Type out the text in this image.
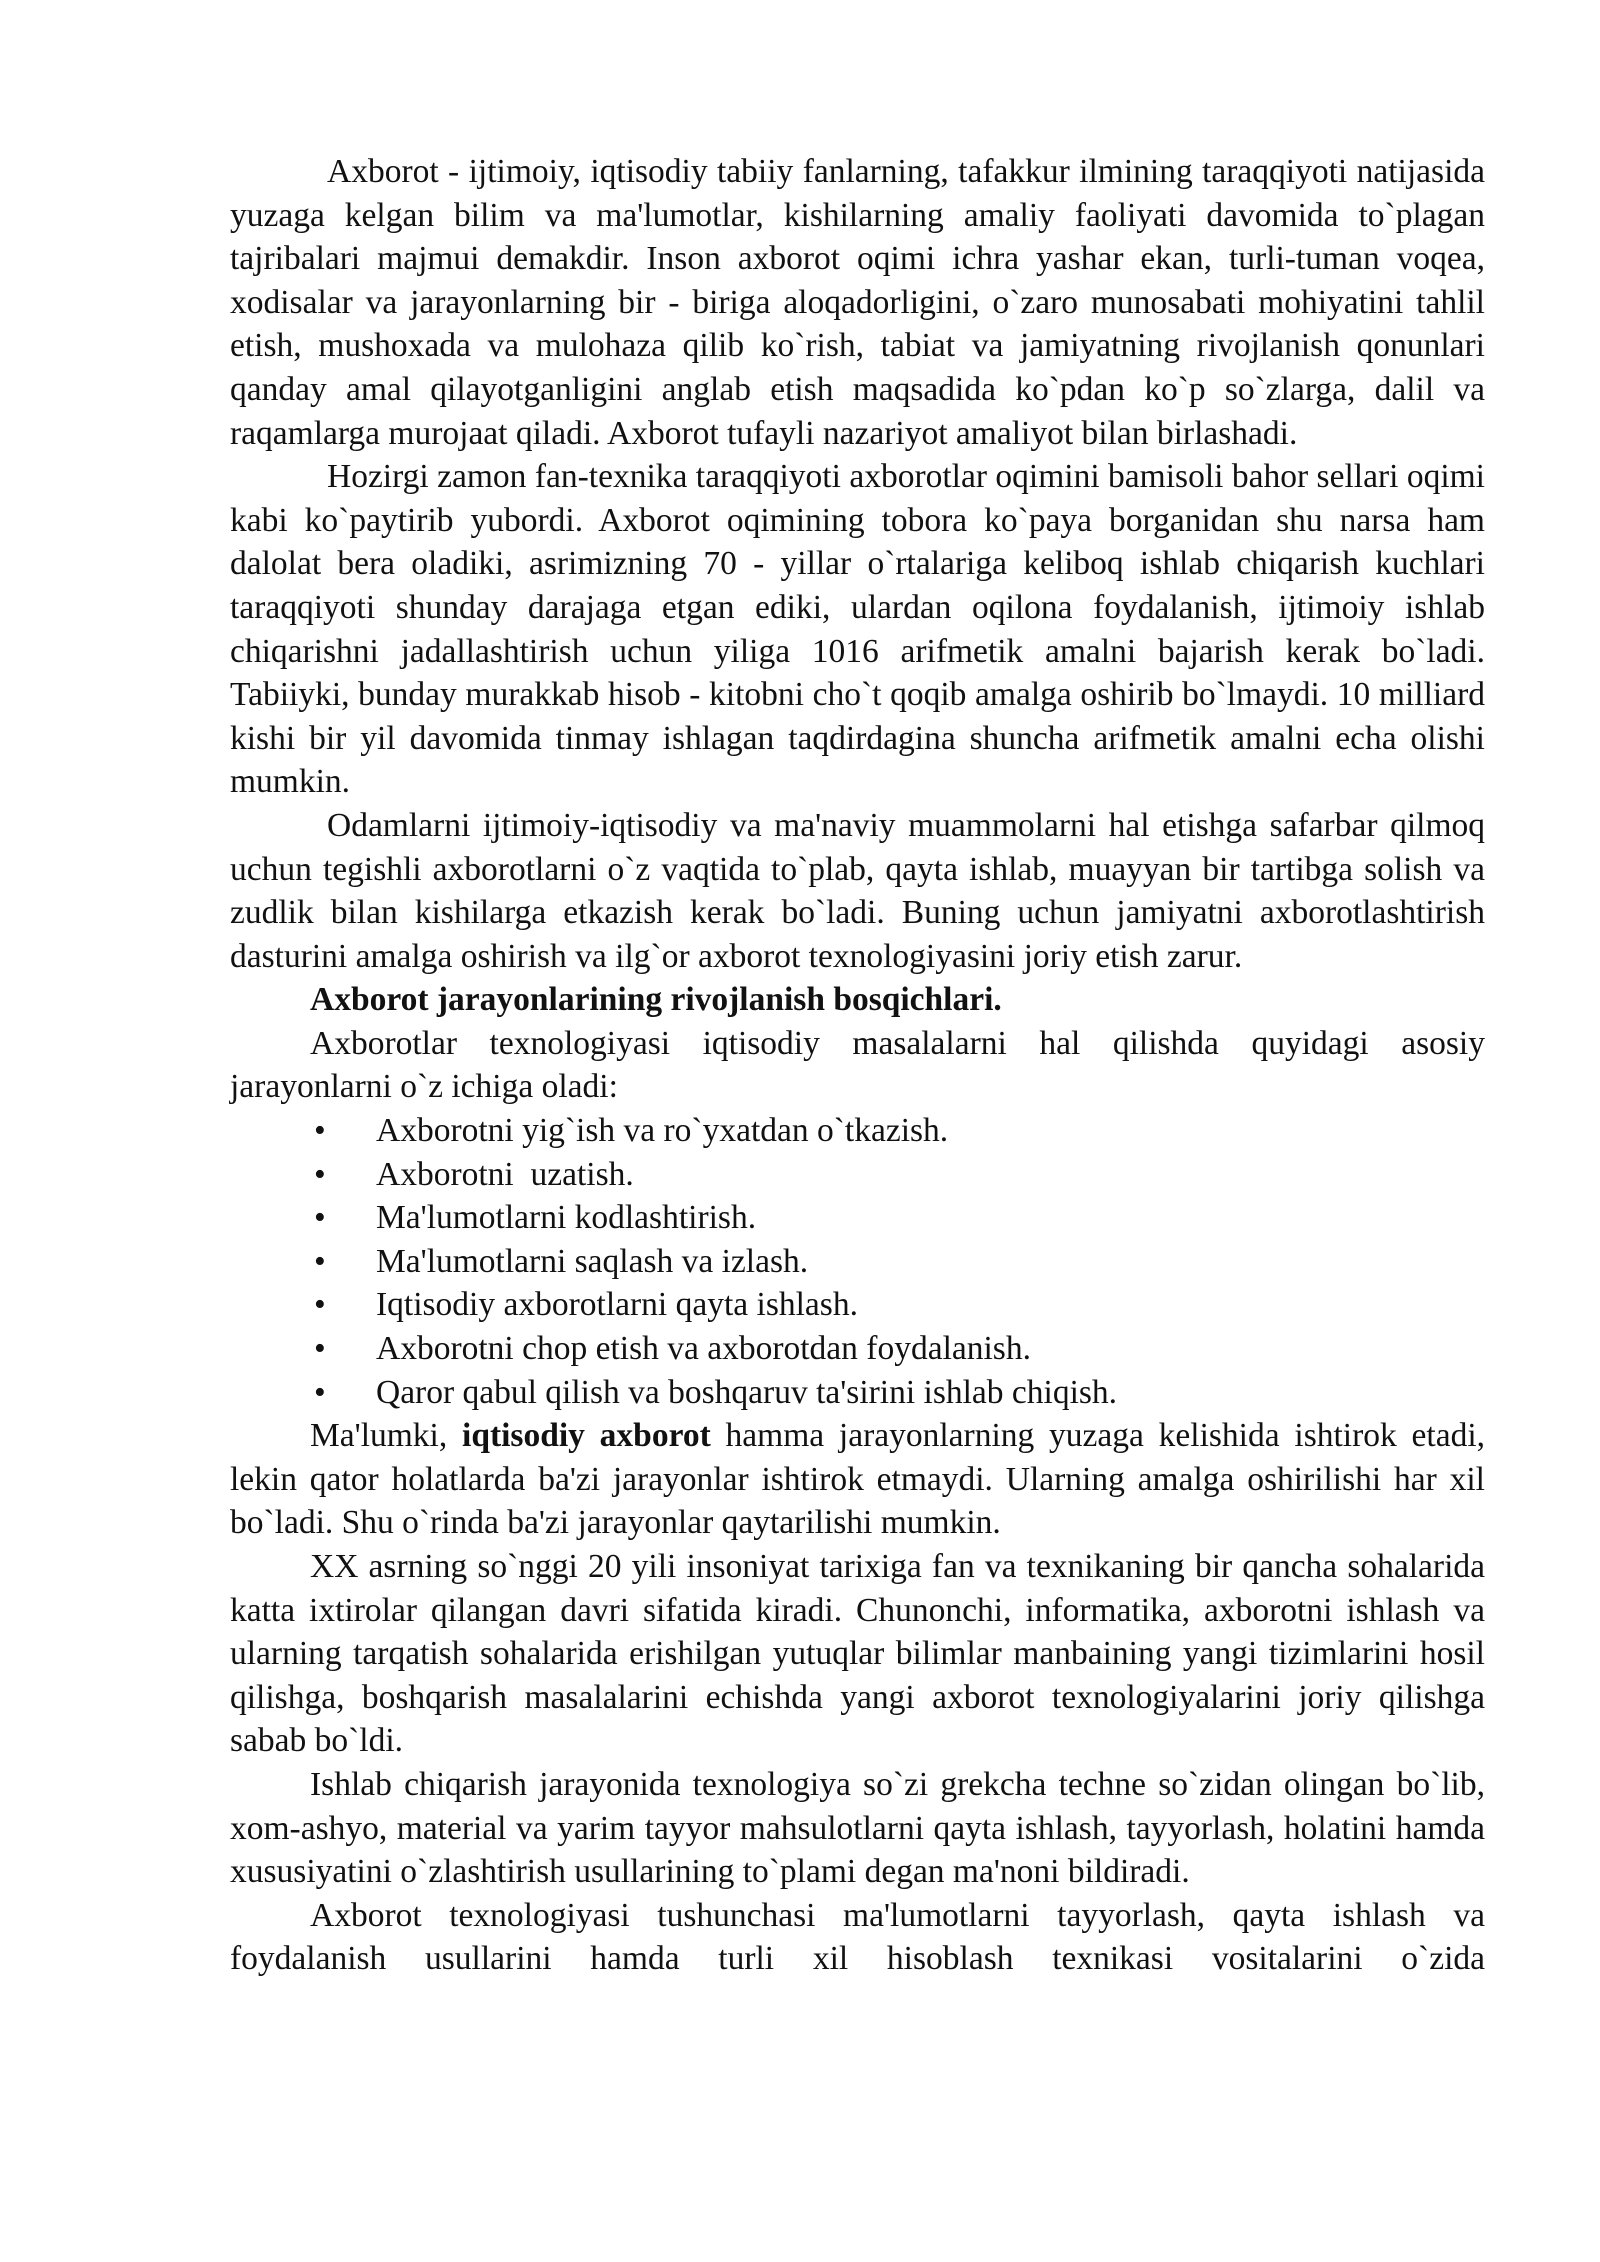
Axborot - ijtimoiy, iqtisodiy tabiiy fanlarning, tafakkur ilmining taraqqiyoti natijasida yuzaga kelgan bilim va ma'lumotlar, kishilarning amaliy faoliyati davomida to`plagan tajribalari majmui demakdir. Inson axborot oqimi ichra yashar ekan, turli-tuman voqea, xodisalar va jarayonlarning bir - biriga aloqadorligini, o`zaro munosabati mohiyatini tahlil etish, mushoxada va mulohaza qilib ko`rish, tabiat va jamiyatning rivojlanish qonunlari qanday amal qilayotganligini anglab etish maqsadida ko`pdan ko`p so`zlarga, dalil va raqamlarga murojaat qiladi. Axborot tufayli nazariyot amaliyot bilan birlashadi.

Hozirgi zamon fan-texnika taraqqiyoti axborotlar oqimini bamisoli bahor sellari oqimi kabi ko`paytirib yubordi. Axborot oqimining tobora ko`paya borganidan shu narsa ham dalolat bera oladiki, asrimizning 70 - yillar o`rtalariga keliboq ishlab chiqarish kuchlari taraqqiyoti shunday darajaga etgan ediki, ulardan oqilona foydalanish, ijtimoiy ishlab chiqarishni jadallashtirish uchun yiliga 1016 arifmetik amalni bajarish kerak bo`ladi. Tabiiyki, bunday murakkab hisob - kitobni cho`t qoqib amalga oshirib bo`lmaydi. 10 milliard kishi bir yil davomida tinmay ishlagan taqdirdagina shuncha arifmetik amalni echa olishi mumkin.

Odamlarni ijtimoiy-iqtisodiy va ma'naviy muammolarni hal etishga safarbar qilmoq uchun tegishli axborotlarni o`z vaqtida to`plab, qayta ishlab, muayyan bir tartibga solish va zudlik bilan kishilarga etkazish kerak bo`ladi. Buning uchun jamiyatni axborotlashtirish dasturini amalga oshirish va ilg`or axborot texnologiyasini joriy etish zarur.

Axborot jarayonlarining rivojlanish bosqichlari.

Axborotlar texnologiyasi iqtisodiy masalalarni hal qilishda quyidagi asosiy jarayonlarni o`z ichiga oladi:

• Axborotni yig`ish va ro`yxatdan o`tkazish.
• Axborotni  uzatish.
• Ma'lumotlarni kodlashtirish.
• Ma'lumotlarni saqlash va izlash.
• Iqtisodiy axborotlarni qayta ishlash.
• Axborotni chop etish va axborotdan foydalanish.
• Qaror qabul qilish va boshqaruv ta'sirini ishlab chiqish.

Ma'lumki, iqtisodiy axborot hamma jarayonlarning yuzaga kelishida ishtirok etadi, lekin qator holatlarda ba'zi jarayonlar ishtirok etmaydi. Ularning amalga oshirilishi har xil bo`ladi. Shu o`rinda ba'zi jarayonlar qaytarilishi mumkin.

XX asrning so`nggi 20 yili insoniyat tarixiga fan va texnikaning bir qancha sohalarida katta ixtirolar qilangan davri sifatida kiradi. Chunonchi, informatika, axborotni ishlash va ularning tarqatish sohalarida erishilgan yutuqlar bilimlar manbaining yangi tizimlarini hosil qilishga, boshqarish masalalarini echishda yangi axborot texnologiyalarini joriy qilishga sabab bo`ldi.

Ishlab chiqarish jarayonida texnologiya so`zi grekcha techne so`zidan olingan bo`lib, xom-ashyo, material va yarim tayyor mahsulotlarni qayta ishlash, tayyorlash, holatini hamda xususiyatini o`zlashtirish usullarining to`plami degan ma'noni bildiradi.

Axborot texnologiyasi tushunchasi ma'lumotlarni tayyorlash, qayta ishlash va foydalanish usullarini hamda turli xil hisoblash texnikasi vositalarini o`zida
